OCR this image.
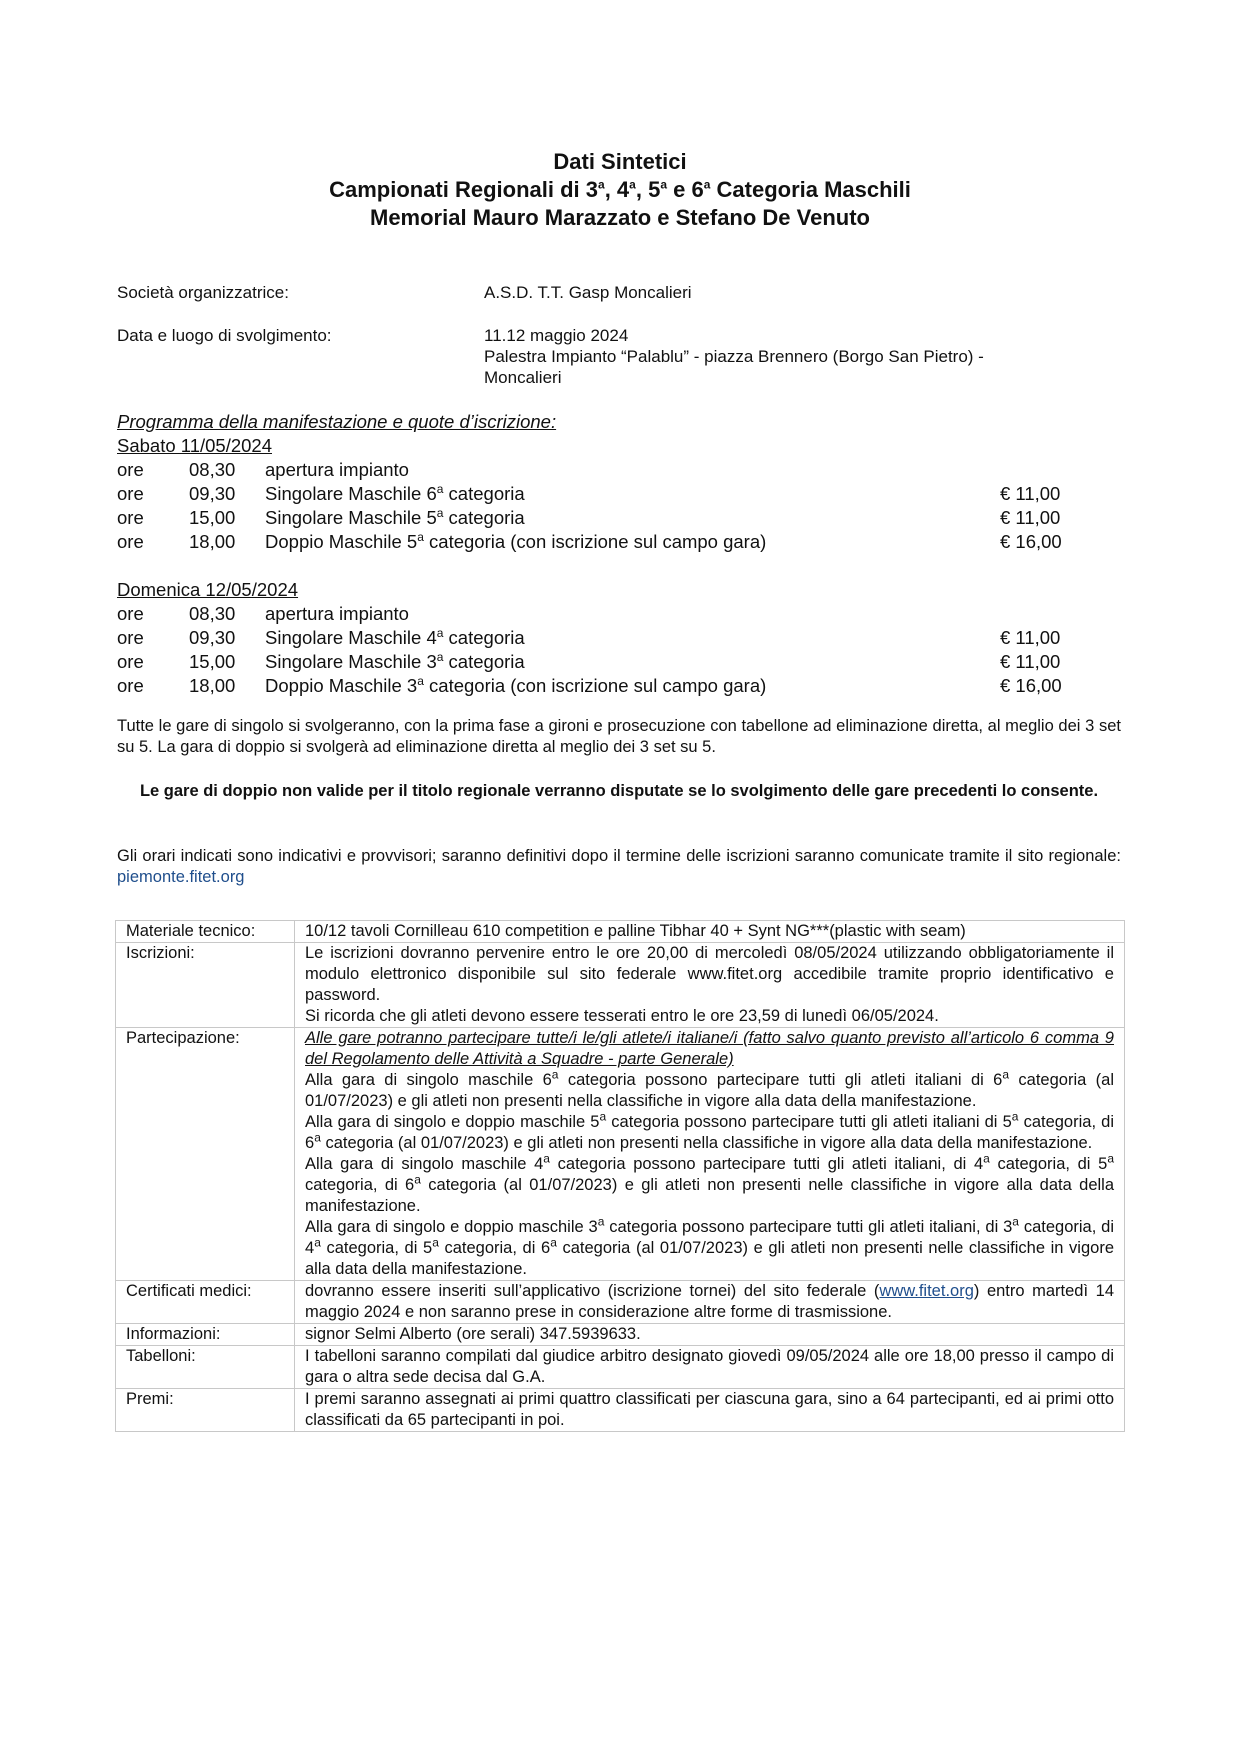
Dati Sintetici
Campionati Regionali di 3$^a$, 4$^a$, 5$^a$ e 6$^a$ Categoria Maschili
Memorial Mauro Marazzato e Stefano De Venuto
Società organizzatrice:	A.S.D. T.T. Gasp Moncalieri
Data e luogo di svolgimento:	11.12 maggio 2024
Palestra Impianto “Palablu” - piazza Brennero (Borgo San Pietro) -
Moncalieri
Programma della manifestazione e quote d’iscrizione:
Sabato 11/05/2024
ore 08,30 apertura impianto
ore 09,30 Singolare Maschile 6$^a$ categoria	€ 11,00
ore 15,00 Singolare Maschile 5$^a$ categoria	€ 11,00
ore 18,00 Doppio Maschile 5$^a$ categoria (con iscrizione sul campo gara)	€ 16,00
Domenica 12/05/2024
ore 08,30 apertura impianto
ore 09,30 Singolare Maschile 4$^a$ categoria	€ 11,00
ore 15,00 Singolare Maschile 3$^a$ categoria	€ 11,00
ore 18,00 Doppio Maschile 3$^a$ categoria (con iscrizione sul campo gara)	€ 16,00
Tutte le gare di singolo si svolgeranno, con la prima fase a gironi e prosecuzione con tabellone ad eliminazione diretta, al meglio dei 3 set su 5. La gara di doppio si svolgerà ad eliminazione diretta al meglio dei 3 set su 5.
Le gare di doppio non valide per il titolo regionale verranno disputate se lo svolgimento delle gare precedenti lo consente.
Gli orari indicati sono indicativi e provvisori; saranno definitivi dopo il termine delle iscrizioni saranno comunicate tramite il sito regionale: piemonte.fitet.org
Materiale tecnico:	10/12 tavoli Cornilleau 610 competition e palline Tibhar 40 + Synt NG***(plastic with seam)
Iscrizioni:	Le iscrizioni dovranno pervenire entro le ore 20,00 di mercoledì 08/05/2024 utilizzando obbligatoriamente il modulo elettronico disponibile sul sito federale www.fitet.org accedibile tramite proprio identificativo e password.
Si ricorda che gli atleti devono essere tesserati entro le ore 23,59 di lunedì 06/05/2024.

Partecipazione:	Alle gare potranno partecipare tutte/i le/gli atlete/i italiane/i (fatto salvo quanto previsto all’articolo 6 comma 9 del Regolamento delle Attività a Squadre - parte Generale)
Alla gara di singolo maschile 6$^a$ categoria possono partecipare tutti gli atleti italiani di 6$^a$ categoria (al 01/07/2023) e gli atleti non presenti nella classifiche in vigore alla data della manifestazione.
Alla gara di singolo e doppio maschile 5$^a$ categoria possono partecipare tutti gli atleti italiani di 5$^a$ categoria, di 6$^a$ categoria (al 01/07/2023) e gli atleti non presenti nella classifiche in vigore alla data della manifestazione.
Alla gara di singolo maschile 4$^a$ categoria possono partecipare tutti gli atleti italiani, di 4$^a$ categoria, di 5$^a$ categoria, di 6$^a$ categoria (al 01/07/2023) e gli atleti non presenti nelle classifiche in vigore alla data della manifestazione.
Alla gara di singolo e doppio maschile 3$^a$ categoria possono partecipare tutti gli atleti italiani, di 3$^a$ categoria, di 4$^a$ categoria, di 5$^a$ categoria, di 6$^a$ categoria (al 01/07/2023) e gli atleti non presenti nelle classifiche in vigore alla data della manifestazione.

Certificati medici:	dovranno essere inseriti sull’applicativo (iscrizione tornei) del sito federale (www.fitet.org) entro martedì 14 maggio 2024 e non saranno prese in considerazione altre forme di trasmissione.
Informazioni:	signor Selmi Alberto (ore serali) 347.5939633.
Tabelloni:	I tabelloni saranno compilati dal giudice arbitro designato giovedì 09/05/2024 alle ore 18,00 presso il campo di gara o altra sede decisa dal G.A.
Premi:	I premi saranno assegnati ai primi quattro classificati per ciascuna gara, sino a 64 partecipanti, ed ai primi otto classificati da 65 partecipanti in poi.
